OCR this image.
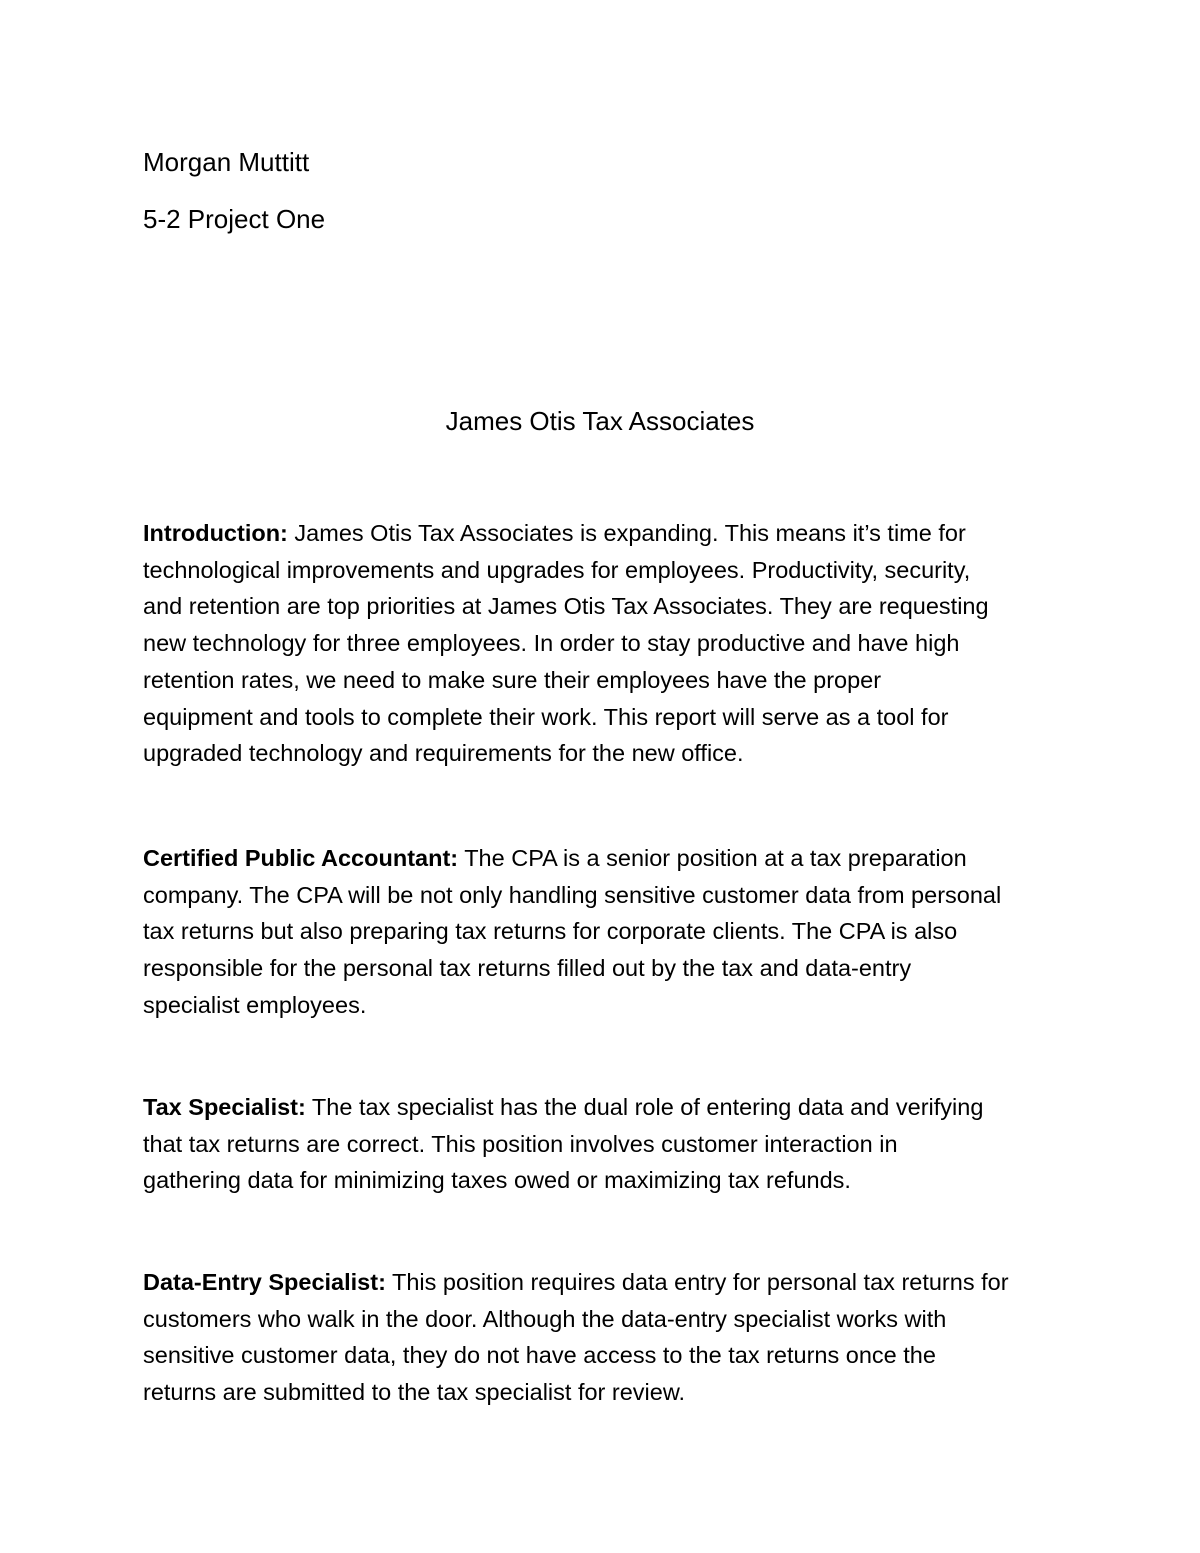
Morgan Muttitt
5-2 Project One
James Otis Tax Associates
Introduction: James Otis Tax Associates is expanding. This means it’s time for
technological improvements and upgrades for employees. Productivity, security,
and retention are top priorities at James Otis Tax Associates. They are requesting
new technology for three employees. In order to stay productive and have high
retention rates, we need to make sure their employees have the proper
equipment and tools to complete their work. This report will serve as a tool for
upgraded technology and requirements for the new office.
Certified Public Accountant: The CPA is a senior position at a tax preparation
company. The CPA will be not only handling sensitive customer data from personal
tax returns but also preparing tax returns for corporate clients. The CPA is also
responsible for the personal tax returns filled out by the tax and data-entry
specialist employees.
Tax Specialist: The tax specialist has the dual role of entering data and verifying
that tax returns are correct. This position involves customer interaction in
gathering data for minimizing taxes owed or maximizing tax refunds.
Data-Entry Specialist: This position requires data entry for personal tax returns for
customers who walk in the door. Although the data-entry specialist works with
sensitive customer data, they do not have access to the tax returns once the
returns are submitted to the tax specialist for review.
